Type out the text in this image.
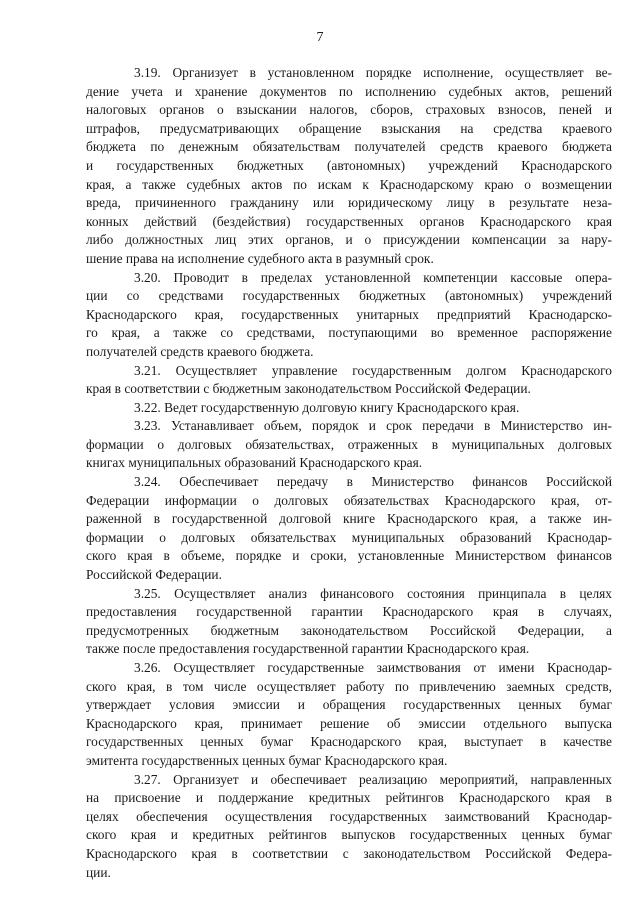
7
3.19. Организует в установленном порядке исполнение, осуществляет ве-
дение учета и хранение документов по исполнению судебных актов, решений
налоговых органов о взыскании налогов, сборов, страховых взносов, пеней и
штрафов, предусматривающих обращение взыскания на средства краевого
бюджета по денежным обязательствам получателей средств краевого бюджета
и государственных бюджетных (автономных) учреждений Краснодарского
края, а также судебных актов по искам к Краснодарскому краю о возмещении
вреда, причиненного гражданину или юридическому лицу в результате неза-
конных действий (бездействия) государственных органов Краснодарского края
либо должностных лиц этих органов, и о присуждении компенсации за нару-
шение права на исполнение судебного акта в разумный срок.
3.20. Проводит в пределах установленной компетенции кассовые опера-
ции со средствами государственных бюджетных (автономных) учреждений
Краснодарского края, государственных унитарных предприятий Краснодарско-
го края, а также со средствами, поступающими во временное распоряжение
получателей средств краевого бюджета.
3.21. Осуществляет управление государственным долгом Краснодарского
края в соответствии с бюджетным законодательством Российской Федерации.
3.22. Ведет государственную долговую книгу Краснодарского края.
3.23. Устанавливает объем, порядок и срок передачи в Министерство ин-
формации о долговых обязательствах, отраженных в муниципальных долговых
книгах муниципальных образований Краснодарского края.
3.24. Обеспечивает передачу в Министерство финансов Российской
Федерации информации о долговых обязательствах Краснодарского края, от-
раженной в государственной долговой книге Краснодарского края, а также ин-
формации о долговых обязательствах муниципальных образований Краснодар-
ского края в объеме, порядке и сроки, установленные Министерством финансов
Российской Федерации.
3.25. Осуществляет анализ финансового состояния принципала в целях
предоставления государственной гарантии Краснодарского края в случаях,
предусмотренных бюджетным законодательством Российской Федерации, а
также после предоставления государственной гарантии Краснодарского края.
3.26. Осуществляет государственные заимствования от имени Краснодар-
ского края, в том числе осуществляет работу по привлечению заемных средств,
утверждает условия эмиссии и обращения государственных ценных бумаг
Краснодарского края, принимает решение об эмиссии отдельного выпуска
государственных ценных бумаг Краснодарского края, выступает в качестве
эмитента государственных ценных бумаг Краснодарского края.
3.27. Организует и обеспечивает реализацию мероприятий, направленных
на присвоение и поддержание кредитных рейтингов Краснодарского края в
целях обеспечения осуществления государственных заимствований Краснодар-
ского края и кредитных рейтингов выпусков государственных ценных бумаг
Краснодарского края в соответствии с законодательством Российской Федера-
ции.
